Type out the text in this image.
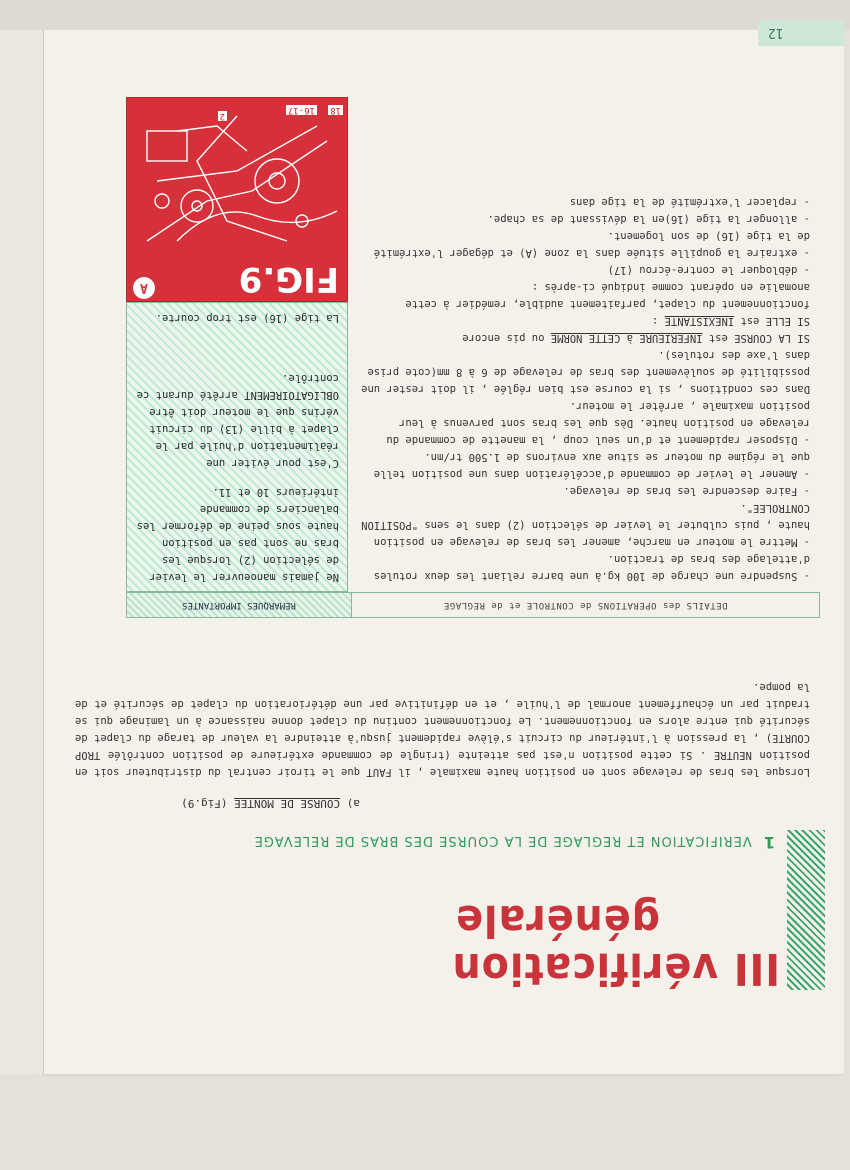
12
III vérification
générale
1 VERIFICATION ET REGLAGE DE LA COURSE DES BRAS DE RELEVAGE
a) COURSE DE MONTEE (Fig.9)

Lorsque les bras de relevage sont en position haute maximale , il FAUT que le tiroir central du distributeur soit en position NEUTRE . Si cette position n'est pas atteinte (tringle de commande extérieure de position contrôlée TROP COURTE) , la pression à l'intérieur du circuit s'élève rapidement jusqu'à atteindre la valeur de tarage du clapet de sécurité qui entre alors en fonctionnement. Le fonctionnement continu du clapet donne naissance à un laminage qui se traduit par un échauffement anormal de l'huile , et en définitive par une détérioration du clapet de sécurité et de la pompe.

DETAILS des OPERATIONS de CONTROLE et de REGLAGE
REMARQUES IMPORTANTES
- Suspendre une charge de 100 kg.à une barre reliant les deux rotules d'attelage des bras de traction.
- Mettre le moteur en marche, amener les bras de relevage en position haute , puis culbuter le levier de sélection (2) dans le sens "POSITION CONTROLEE".
- Faire descendre les bras de relevage.
- Amener le levier de commande d'accélération dans une position telle que le régime du moteur se situe aux environs de 1.500 tr/mn.
- Disposer rapidement et d'un seul coup , la manette de commande du relevage en position haute. Dès que les bras sont parvenus à leur position maximale , arrêter le moteur.
Dans ces conditions , si la course est bien réglée , il doit rester une possibilité de soulèvement des bras de relevage de 6 à 8 mm(cote prise dans l'axe des rotules).
SI LA COURSE est INFERIEURE à CETTE NORME ou pis encore
SI ELLE est INEXISTANTE :
fonctionnement du clapet, parfaitement audible, remédier à cette anomalie en opérant comme indiqué ci-après :
- débloquer le contre-écrou (17)
- extraire la goupille située dans la zone (A) et dégager l'extrémité de la tige (16) de son logement.
- allonger la tige (16)en la dévissant de sa chape.
- replacer l'extrémité de la tige dans

Ne jamais manoeuvrer le levier de sélection (2) lorsque les bras ne sont pas en position haute sous peine de déformer les balanciers de commande intérieurs 10 et 11.

C'est pour éviter une réalimentation d'huile par le clapet à bille (13) du circuit vérins que le moteur doit être OBLIGATOIREMENT arrêté durant ce contrôle.

La tige (16) est trop courte.
FIG.9
A
2
16-17 18
